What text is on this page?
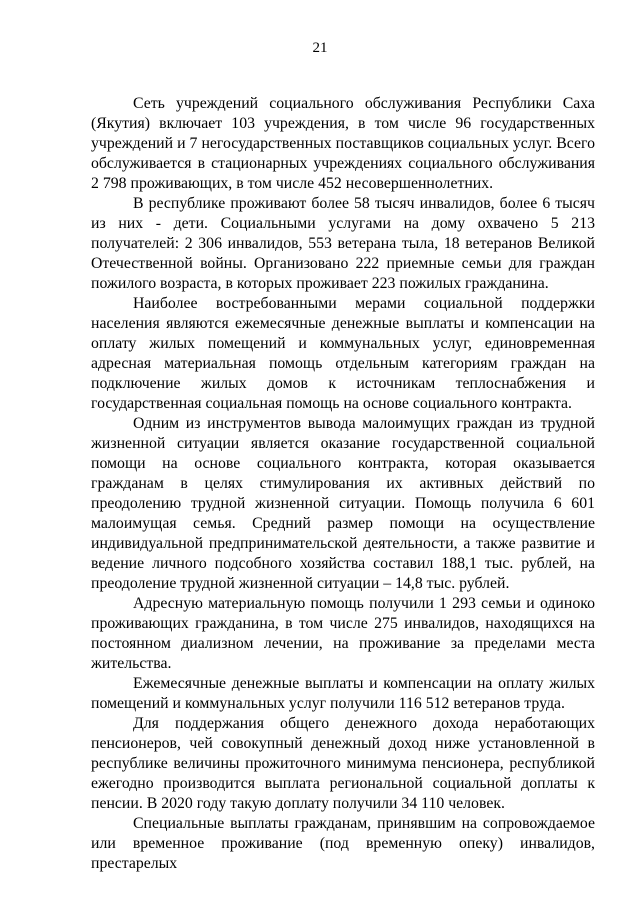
21

Сеть учреждений социального обслуживания Республики Саха (Якутия) включает 103 учреждения, в том числе 96 государственных учреждений и 7 негосударственных поставщиков социальных услуг. Всего обслуживается в стационарных учреждениях социального обслуживания 2 798 проживающих, в том числе 452 несовершеннолетних.

В республике проживают более 58 тысяч инвалидов, более 6 тысяч из них - дети. Социальными услугами на дому охвачено 5 213 получателей: 2 306 инвалидов, 553 ветерана тыла, 18 ветеранов Великой Отечественной войны. Организовано 222 приемные семьи для граждан пожилого возраста, в которых проживает 223 пожилых гражданина.

Наиболее востребованными мерами социальной поддержки населения являются ежемесячные денежные выплаты и компенсации на оплату жилых помещений и коммунальных услуг, единовременная адресная материальная помощь отдельным категориям граждан на подключение жилых домов к источникам теплоснабжения и государственная социальная помощь на основе социального контракта.

Одним из инструментов вывода малоимущих граждан из трудной жизненной ситуации является оказание государственной социальной помощи на основе социального контракта, которая оказывается гражданам в целях стимулирования их активных действий по преодолению трудной жизненной ситуации. Помощь получила 6 601 малоимущая семья. Средний размер помощи на осуществление индивидуальной предпринимательской деятельности, а также развитие и ведение личного подсобного хозяйства составил 188,1 тыс. рублей, на преодоление трудной жизненной ситуации – 14,8 тыс. рублей.

Адресную материальную помощь получили 1 293 семьи и одиноко проживающих гражданина, в том числе 275 инвалидов, находящихся на постоянном диализном лечении, на проживание за пределами места жительства.

Ежемесячные денежные выплаты и компенсации на оплату жилых помещений и коммунальных услуг получили 116 512 ветеранов труда.

Для поддержания общего денежного дохода неработающих пенсионеров, чей совокупный денежный доход ниже установленной в республике величины прожиточного минимума пенсионера, республикой ежегодно производится выплата региональной социальной доплаты к пенсии. В 2020 году такую доплату получили 34 110 человек.

Специальные выплаты гражданам, принявшим на сопровождаемое или временное проживание (под временную опеку) инвалидов, престарелых
